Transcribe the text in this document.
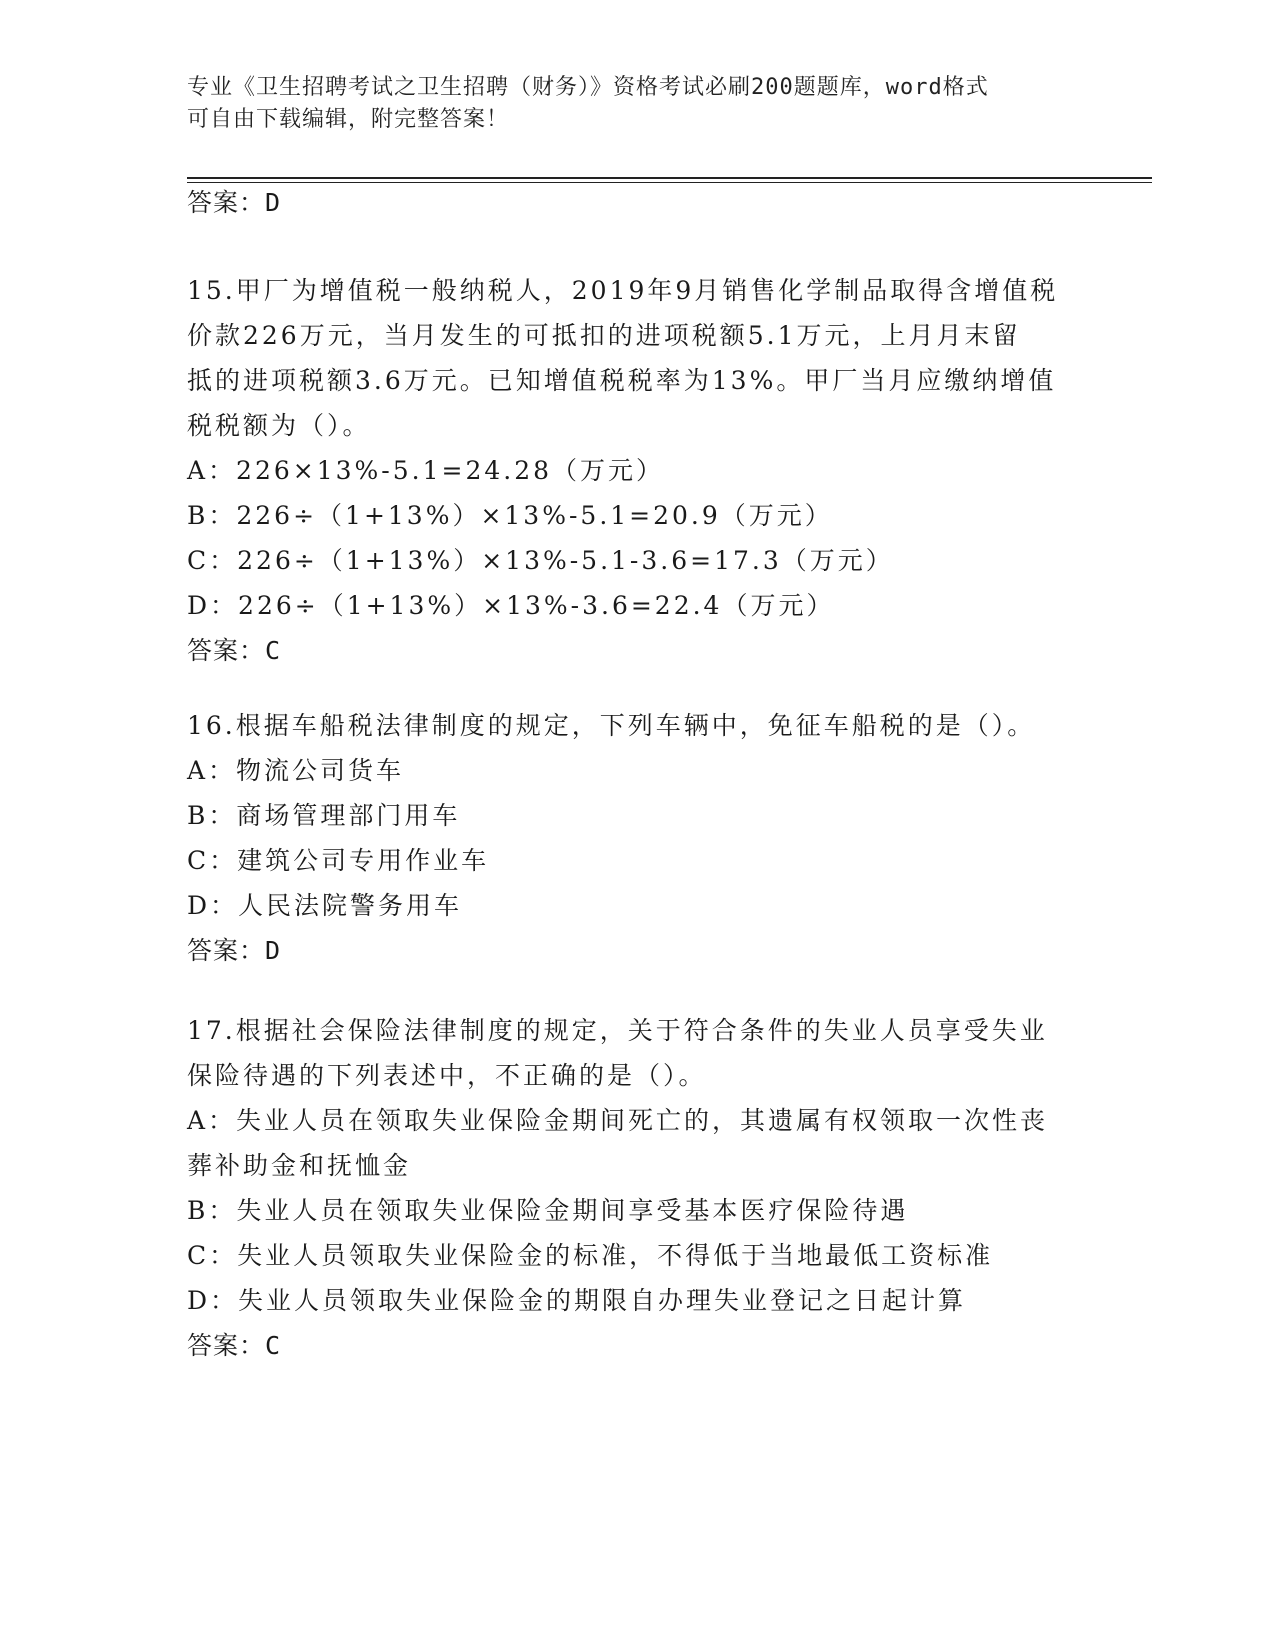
专业《卫生招聘考试之卫生招聘（财务）》资格考试必刷200题题库，word格式
可自由下载编辑，附完整答案！
答案：D
15.甲厂为增值税一般纳税人，2019年9月销售化学制品取得含增值税
价款226万元，当月发生的可抵扣的进项税额5.1万元，上月月末留
抵的进项税额3.6万元。已知增值税税率为13%。甲厂当月应缴纳增值
税税额为（）。
A：226×13%-5.1=24.28（万元）
B：226÷（1+13%）×13%-5.1=20.9（万元）
C：226÷（1+13%）×13%-5.1-3.6=17.3（万元）
D：226÷（1+13%）×13%-3.6=22.4（万元）
答案：C
16.根据车船税法律制度的规定，下列车辆中，免征车船税的是（）。
A：物流公司货车
B：商场管理部门用车
C：建筑公司专用作业车
D：人民法院警务用车
答案：D
17.根据社会保险法律制度的规定，关于符合条件的失业人员享受失业
保险待遇的下列表述中，不正确的是（）。
A：失业人员在领取失业保险金期间死亡的，其遗属有权领取一次性丧
葬补助金和抚恤金
B：失业人员在领取失业保险金期间享受基本医疗保险待遇
C：失业人员领取失业保险金的标准，不得低于当地最低工资标准
D：失业人员领取失业保险金的期限自办理失业登记之日起计算
答案：C
